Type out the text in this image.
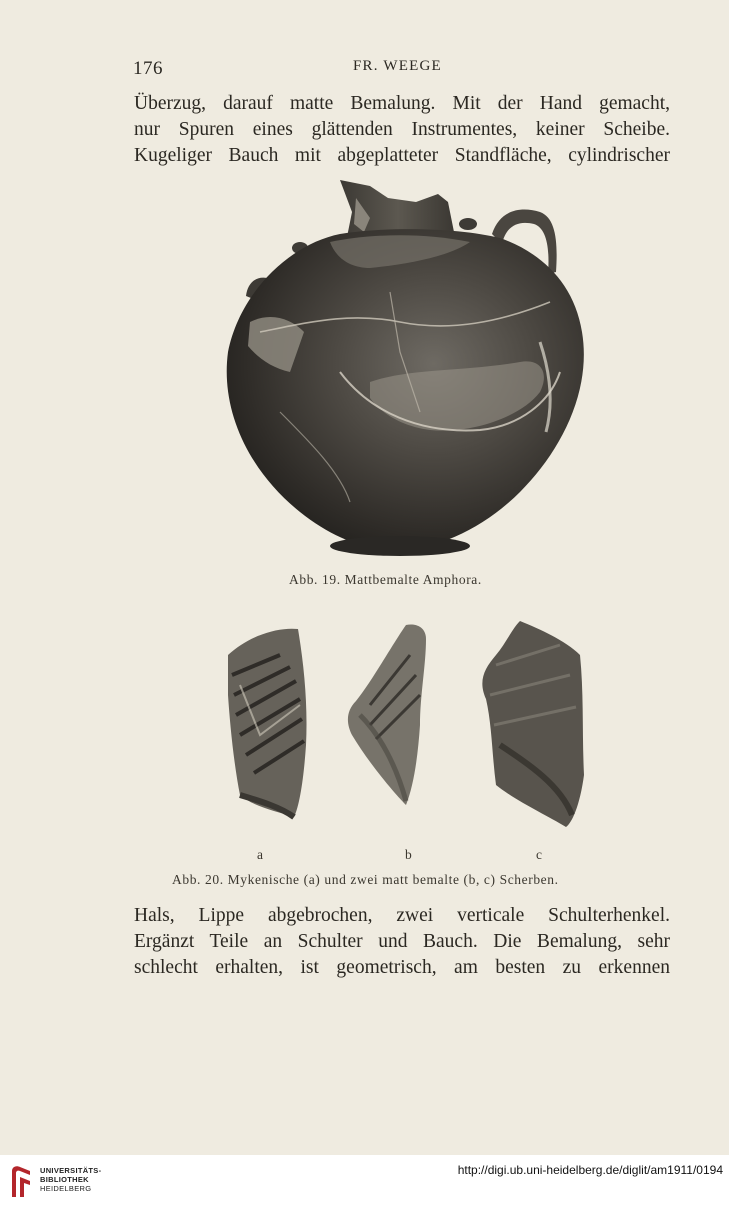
176	FR. WEEGE
Überzug, darauf matte Bemalung. Mit der Hand gemacht,
nur Spuren eines glättenden Instrumentes, keiner Scheibe.
Kugeliger Bauch mit abgeplatteter Standfläche, cylindrischer
Abb. 19. Mattbemalte Amphora.
a	b	c
Abb. 20. Mykenische (a) und zwei matt bemalte (b, c) Scherben.
Hals, Lippe abgebrochen, zwei verticale Schulterhenkel.
Ergänzt Teile an Schulter und Bauch. Die Bemalung, sehr
schlecht erhalten, ist geometrisch, am besten zu erkennen
UNIVERSITÄTS-
BIBLIOTHEK
HEIDELBERG
http://digi.ub.uni-heidelberg.de/diglit/am1911/0194
